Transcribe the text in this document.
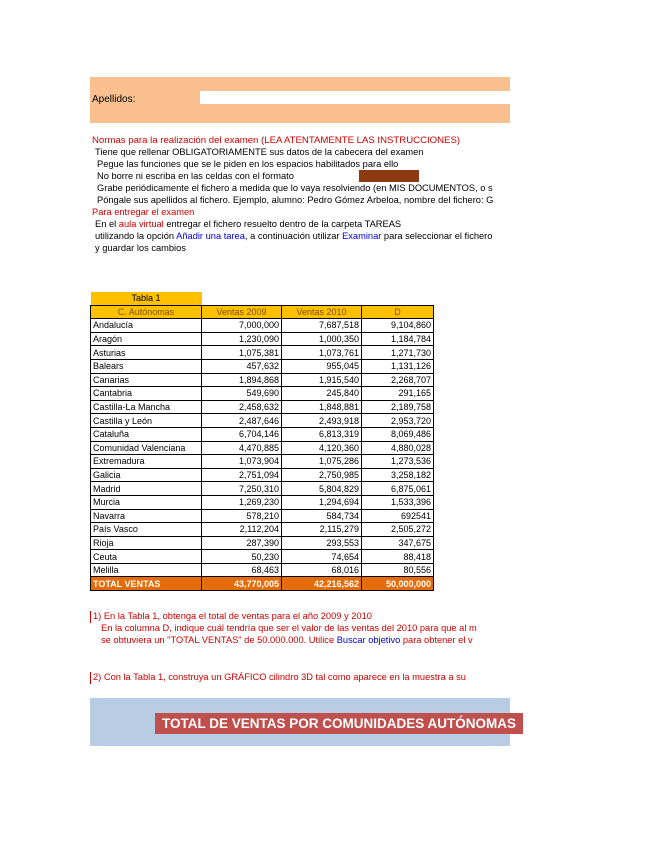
Apellidos:
Normas para la realización del examen (LEA ATENTAMENTE LAS INSTRUCCIONES)
Tiene que rellenar OBLIGATORIAMENTE sus datos de la cabecera del examen
Pegue las funciones que se le piden en los espacios habilitados para ello
No borre ni escriba en las celdas con el formato
Grabe periódicamente el fichero a medida que lo vaya resolviendo (en MIS DOCUMENTOS, o s
Póngale sus apellidos al fichero. Ejemplo, alumno: Pedro Gómez Arbeloa, nombre del fichero: G
Para entregar el examen
En el aula virtual entregar el fichero resuelto dentro de la carpeta TAREAS
utilizando la opción Añadir una tarea, a continuación utilizar Examinar para seleccionar el fichero
y guardar los cambios
Tabla 1			
C. Autónomas	Ventas 2009	Ventas 2010	D
Andalucía	7,000,000	7,687,518	9,104,860
Aragón	1,230,090	1,000,350	1,184,784
Asturias	1,075,381	1,073,761	1,271,730
Balears	457,632	955,045	1,131,126
Canarias	1,894,868	1,915,540	2,268,707
Cantabria	549,690	245,840	291,165
Castilla-La Mancha	2,458,632	1,848,881	2,189,758
Castilla y León	2,487,646	2,493,918	2,953,720
Cataluña	6,704,146	6,813,319	8,069,486
Comunidad Valenciana	4,470,885	4,120,360	4,880,028
Extremadura	1,073,904	1,075,286	1,273,536
Galicia	2,751,094	2,750,985	3,258,182
Madrid	7,250,310	5,804,829	6,875,061
Murcia	1,269,230	1,294,694	1,533,396
Navarra	578,210	584,734	692541
País Vasco	2,112,204	2,115,279	2,505,272
Rioja	287,390	293,553	347,675
Ceuta	50,230	74,654	88,418
Melilla	68,463	68,016	80,556
TOTAL VENTAS	43,770,005	42,216,562	50,000,000
1) En la Tabla 1, obtenga el total de ventas para el año 2009 y 2010
En la columna D, indique cuál tendría que ser el valor de las ventas del 2010 para que al m
se obtuviera un "TOTAL VENTAS" de 50.000.000. Utilice Buscar objetivo para obtener el v
2) Con la Tabla 1, construya un GRÁFICO cilindro 3D tal como aparece en la muestra a su
TOTAL DE VENTAS POR COMUNIDADES AUTÓNOMAS
